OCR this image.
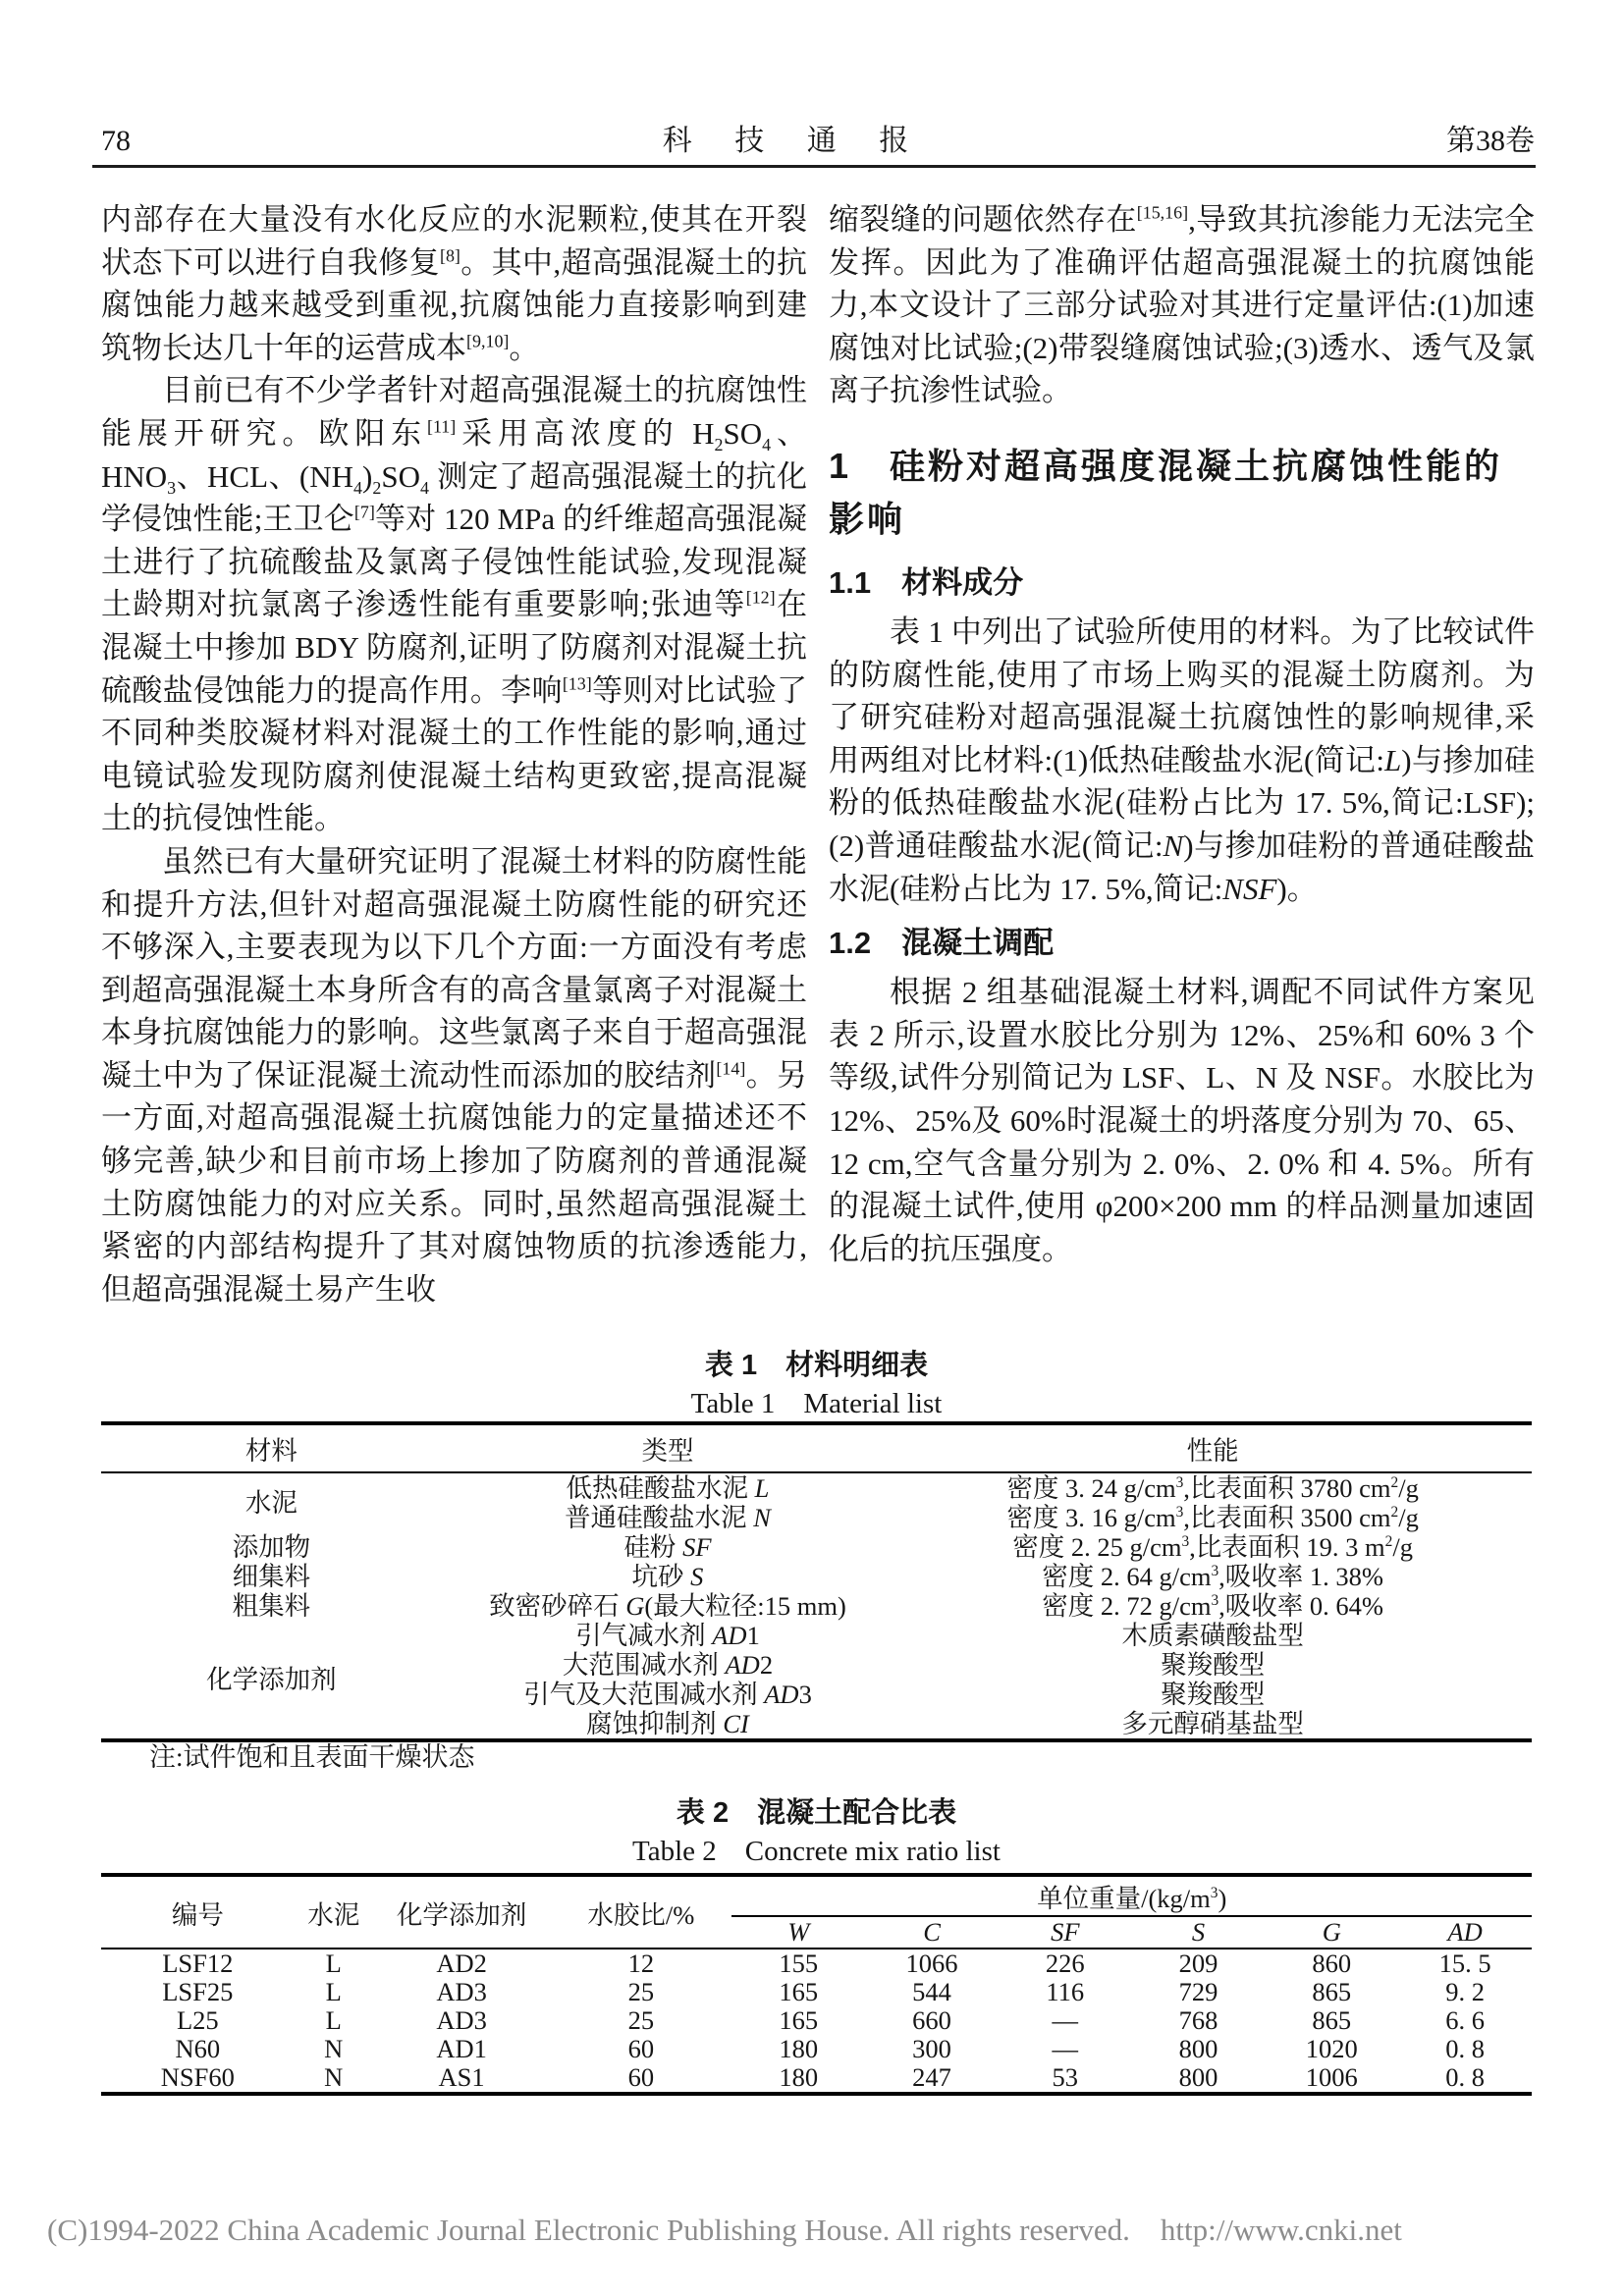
78	科 技 通 报	第38卷
内部存在大量没有水化反应的水泥颗粒,使其在开裂状态下可以进行自我修复[8]。其中,超高强混凝土的抗腐蚀能力越来越受到重视,抗腐蚀能力直接影响到建筑物长达几十年的运营成本[9,10]。
目前已有不少学者针对超高强混凝土的抗腐蚀性能展开研究。欧阳东[11]采用高浓度的 $H_2SO_4$、$HNO_3$、HCL、$(NH_4)_2SO_4$ 测定了超高强混凝土的抗化学侵蚀性能;王卫仑[7]等对 120 MPa 的纤维超高强混凝土进行了抗硫酸盐及氯离子侵蚀性能试验,发现混凝土龄期对抗氯离子渗透性能有重要影响;张迪等[12]在混凝土中掺加 BDY 防腐剂,证明了防腐剂对混凝土抗硫酸盐侵蚀能力的提高作用。李响[13]等则对比试验了不同种类胶凝材料对混凝土的工作性能的影响,通过电镜试验发现防腐剂使混凝土结构更致密,提高混凝土的抗侵蚀性能。
虽然已有大量研究证明了混凝土材料的防腐性能和提升方法,但针对超高强混凝土防腐性能的研究还不够深入,主要表现为以下几个方面:一方面没有考虑到超高强混凝土本身所含有的高含量氯离子对混凝土本身抗腐蚀能力的影响。这些氯离子来自于超高强混凝土中为了保证混凝土流动性而添加的胶结剂[14]。另一方面,对超高强混凝土抗腐蚀能力的定量描述还不够完善,缺少和目前市场上掺加了防腐剂的普通混凝土防腐蚀能力的对应关系。同时,虽然超高强混凝土紧密的内部结构提升了其对腐蚀物质的抗渗透能力,但超高强混凝土易产生收
缩裂缝的问题依然存在[15,16],导致其抗渗能力无法完全发挥。因此为了准确评估超高强混凝土的抗腐蚀能力,本文设计了三部分试验对其进行定量评估:(1)加速腐蚀对比试验;(2)带裂缝腐蚀试验;(3)透水、透气及氯离子抗渗性试验。
1　硅粉对超高强度混凝土抗腐蚀性能的影响
1.1　材料成分
表 1 中列出了试验所使用的材料。为了比较试件的防腐性能,使用了市场上购买的混凝土防腐剂。为了研究硅粉对超高强混凝土抗腐蚀性的影响规律,采用两组对比材料:(1)低热硅酸盐水泥(简记:L)与掺加硅粉的低热硅酸盐水泥(硅粉占比为 17. 5%,简记:LSF);(2)普通硅酸盐水泥(简记:N)与掺加硅粉的普通硅酸盐水泥(硅粉占比为 17. 5%,简记:NSF)。
1.2　混凝土调配
根据 2 组基础混凝土材料,调配不同试件方案见表 2 所示,设置水胶比分别为 12%、25%和 60% 3 个等级,试件分别简记为 LSF、L、N 及 NSF。水胶比为 12%、25%及 60%时混凝土的坍落度分别为 70、65、12 cm,空气含量分别为 2. 0%、2. 0% 和 4. 5%。所有的混凝土试件,使用 φ200×200 mm 的样品测量加速固化后的抗压强度。
表 1　材料明细表
Table 1　Material list
材料	类型	性能
水泥	低热硅酸盐水泥 L	密度 3. 24 $g/cm^3$,比表面积 3780 $cm^2/g$
	普通硅酸盐水泥 N	密度 3. 16 $g/cm^3$,比表面积 3500 $cm^2/g$
添加物	硅粉 SF	密度 2. 25 $g/cm^3$,比表面积 19. 3 $m^2/g$
细集料	坑砂 S	密度 2. 64 $g/cm^3$,吸收率 1. 38%
粗集料	致密砂碎石 G(最大粒径:15 mm)	密度 2. 72 $g/cm^3$,吸收率 0. 64%
化学添加剂	引气减水剂 AD1	木质素磺酸盐型
	大范围减水剂 AD2	聚羧酸型
	引气及大范围减水剂 AD3	聚羧酸型
	腐蚀抑制剂 CI	多元醇硝基盐型
注:试件饱和且表面干燥状态
表 2　混凝土配合比表
Table 2　Concrete mix ratio list
编号	水泥	化学添加剂	水胶比/%	单位重量$/(kg/m^3)$					
				W	C	SF	S	G	AD
LSF12	L	AD2	12	155	1066	226	209	860	15. 5
LSF25	L	AD3	25	165	544	116	729	865	9. 2
L25	L	AD3	25	165	660	—	768	865	6. 6
N60	N	AD1	60	180	300	—	800	1020	0. 8
NSF60	N	AS1	60	180	247	53	800	1006	0. 8
(C)1994-2022 China Academic Journal Electronic Publishing House. All rights reserved.    http://www.cnki.net
